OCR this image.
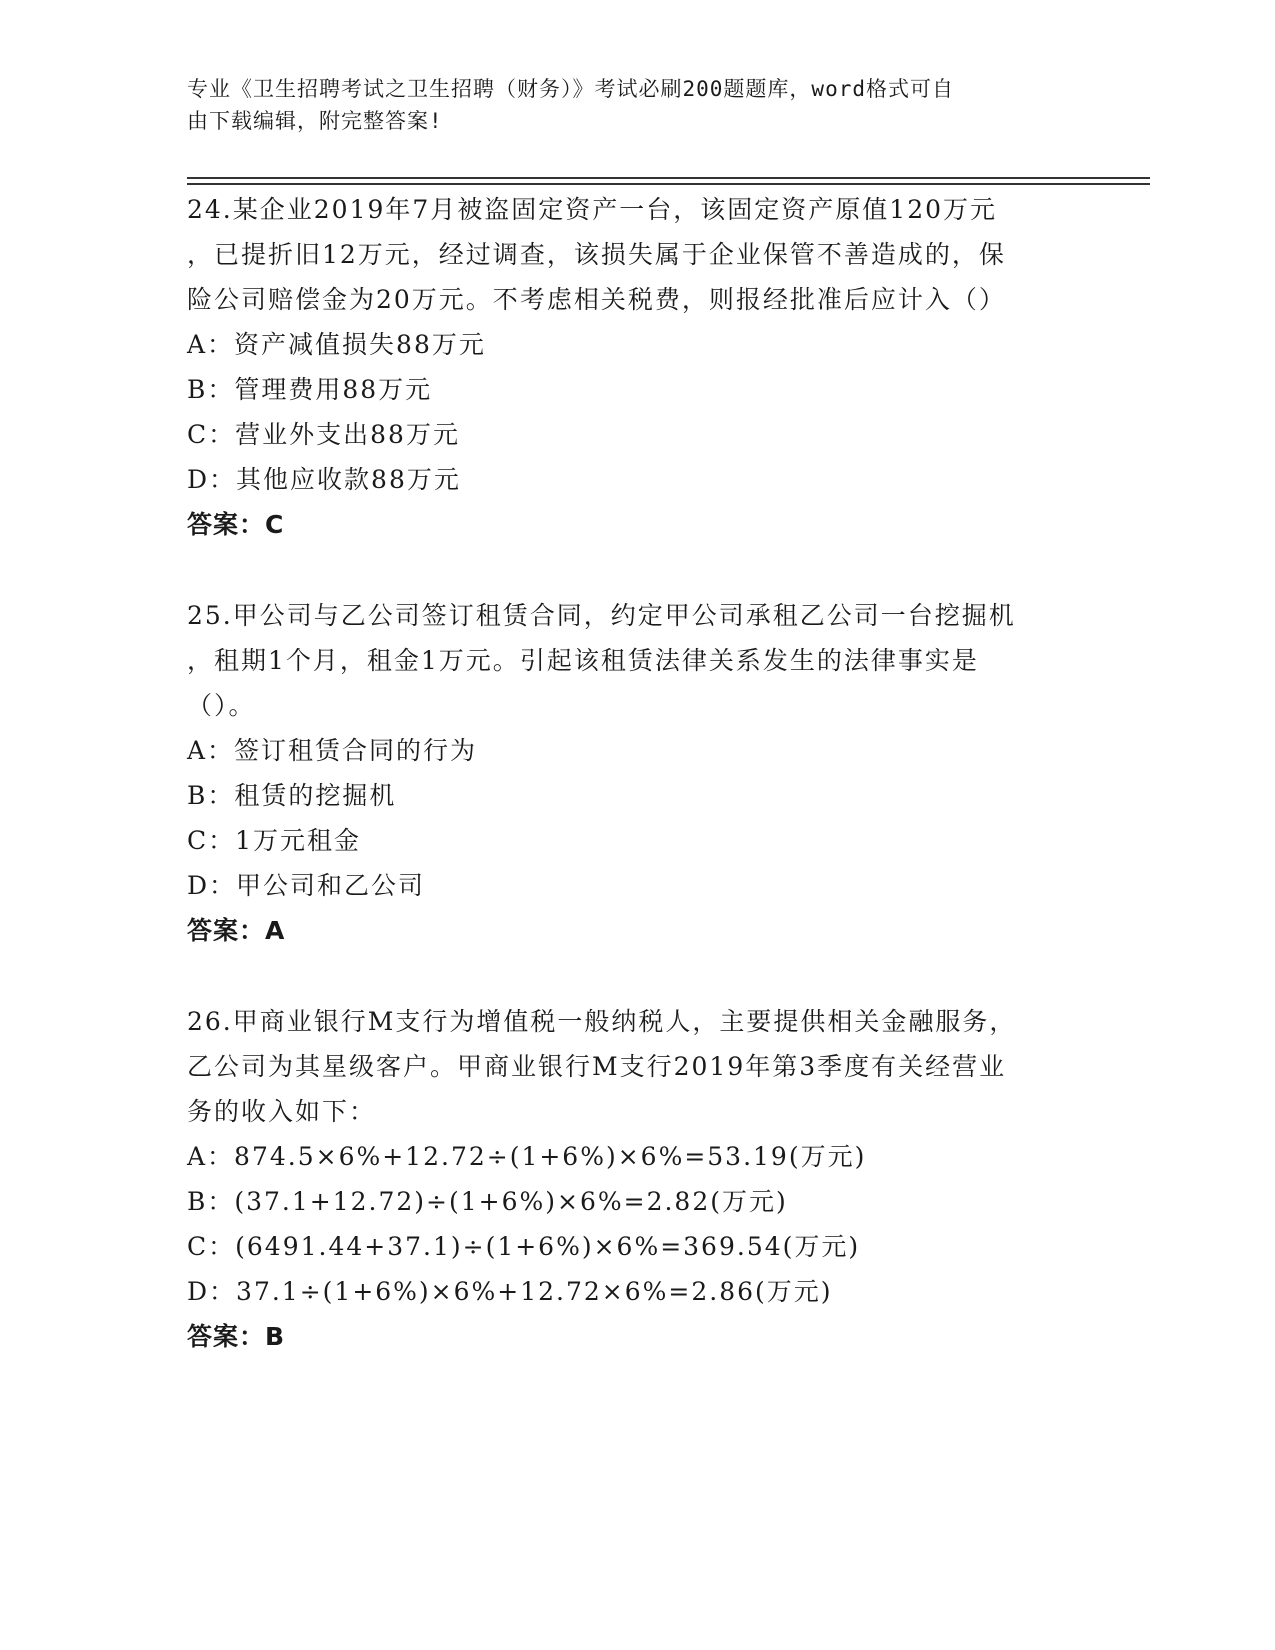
专业《卫生招聘考试之卫生招聘（财务）》考试必刷200题题库，word格式可自
由下载编辑，附完整答案!
24.某企业2019年7月被盗固定资产一台，该固定资产原值120万元
，已提折旧12万元，经过调查，该损失属于企业保管不善造成的，保
险公司赔偿金为20万元。不考虑相关税费，则报经批准后应计入（）
A：资产减值损失88万元
B：管理费用88万元
C：营业外支出88万元
D：其他应收款88万元
答案：C
25.甲公司与乙公司签订租赁合同，约定甲公司承租乙公司一台挖掘机
，租期1个月，租金1万元。引起该租赁法律关系发生的法律事实是
（）。
A：签订租赁合同的行为
B：租赁的挖掘机
C：1万元租金
D：甲公司和乙公司
答案：A
26.甲商业银行M支行为增值税一般纳税人，主要提供相关金融服务，
乙公司为其星级客户。甲商业银行M支行2019年第3季度有关经营业
务的收入如下：
A：874.5×6%+12.72÷(1+6%)×6%=53.19(万元)
B：(37.1+12.72)÷(1+6%)×6%=2.82(万元)
C：(6491.44+37.1)÷(1+6%)×6%=369.54(万元)
D：37.1÷(1+6%)×6%+12.72×6%=2.86(万元)
答案：B
